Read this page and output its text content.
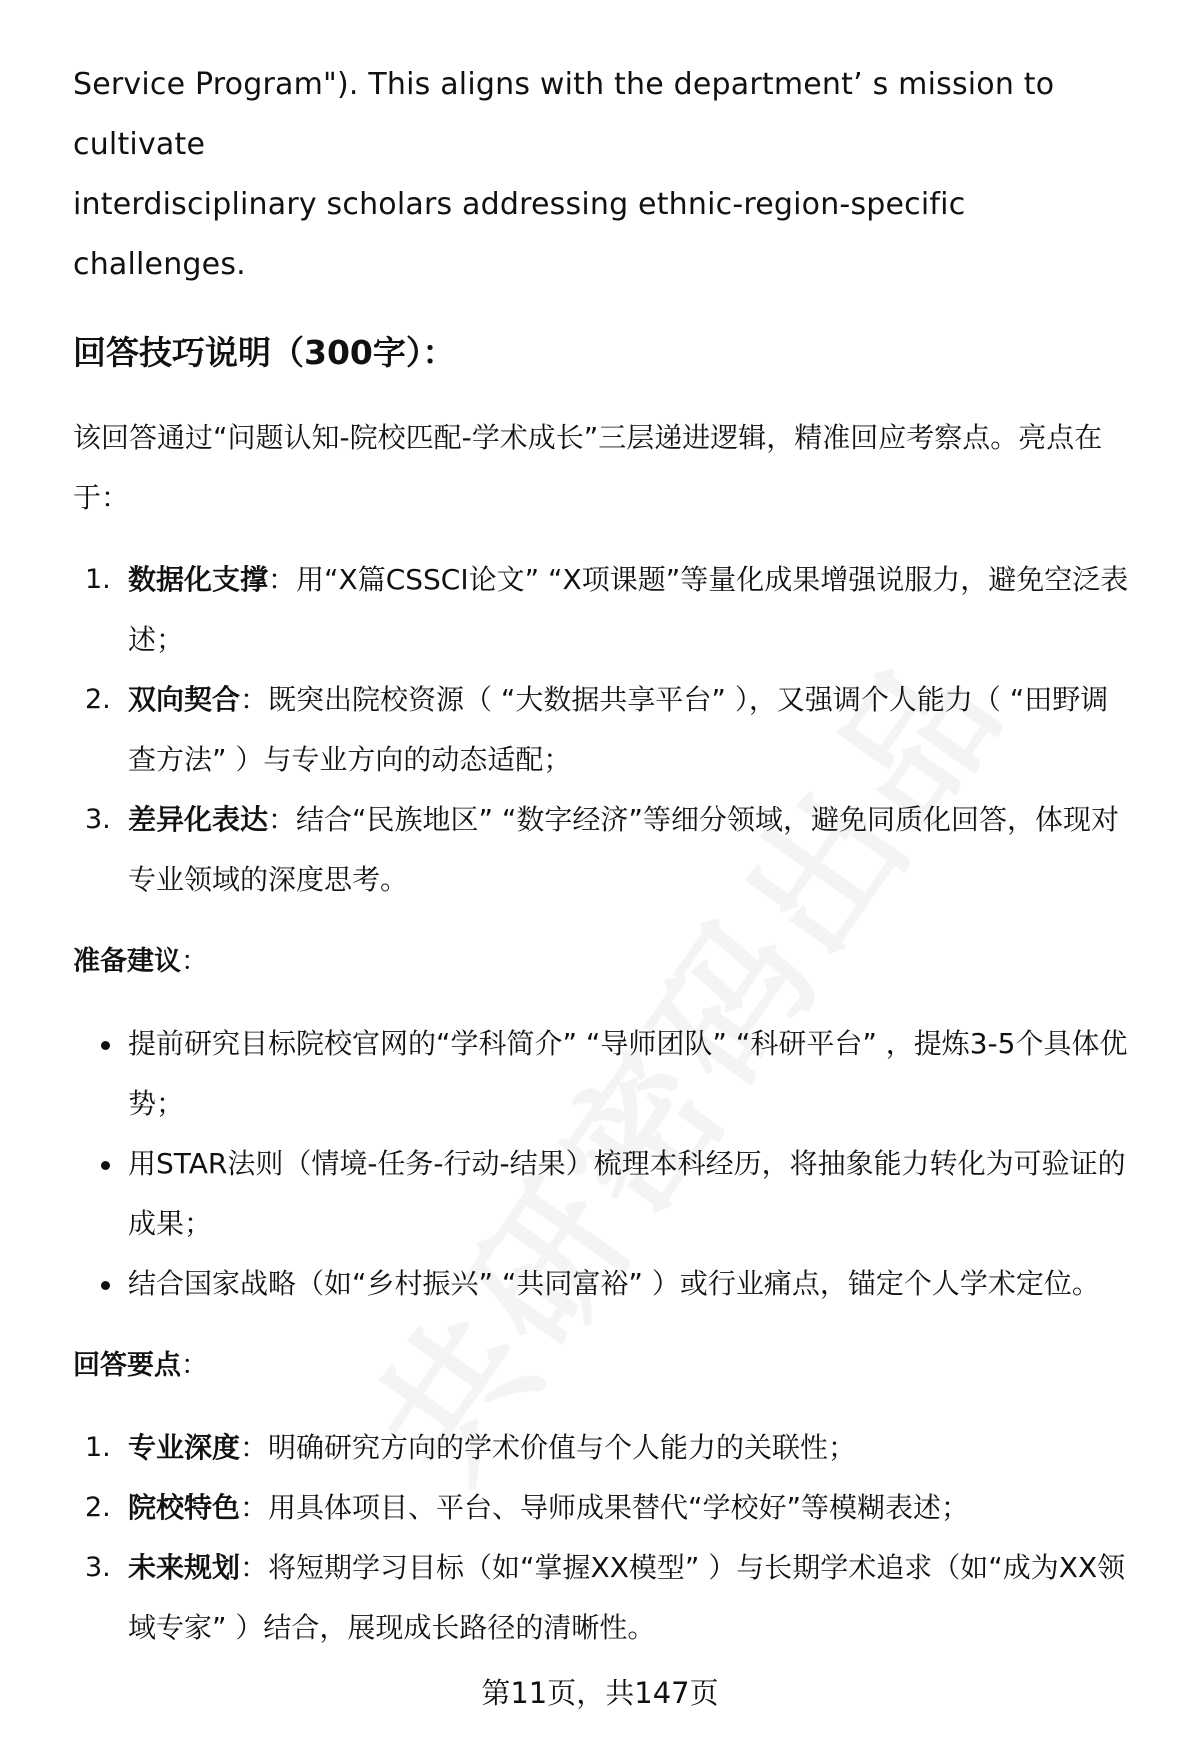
Service Program"). This aligns with the department’ s mission to cultivate

interdisciplinary scholars addressing ethnic-region-specific challenges.

回答技巧说明（300字）：

该回答通过“问题认知-院校匹配-学术成长”三层递进逻辑，精准回应考察点。亮点在于：

1. 数据化支撑：用“X篇CSSCI论文” “X项课题”等量化成果增强说服力，避免空泛表述；
2. 双向契合：既突出院校资源（ “大数据共享平台” ），又强调个人能力（ “田野调查方法” ）与专业方向的动态适配；
3. 差异化表达：结合“民族地区” “数字经济”等细分领域，避免同质化回答，体现对专业领域的深度思考。

准备建议：

提前研究目标院校官网的“学科简介” “导师团队” “科研平台” ，提炼3-5个具体优势；
用STAR法则（情境-任务-行动-结果）梳理本科经历，将抽象能力转化为可验证的成果；
结合国家战略（如“乡村振兴” “共同富裕” ）或行业痛点，锚定个人学术定位。

回答要点：

1. 专业深度：明确研究方向的学术价值与个人能力的关联性；
2. 院校特色：用具体项目、平台、导师成果替代“学校好”等模糊表述；
3. 未来规划：将短期学习目标（如“掌握XX模型” ）与长期学术追求（如“成为XX领域专家” ）结合，展现成长路径的清晰性。
第11页，共147页
